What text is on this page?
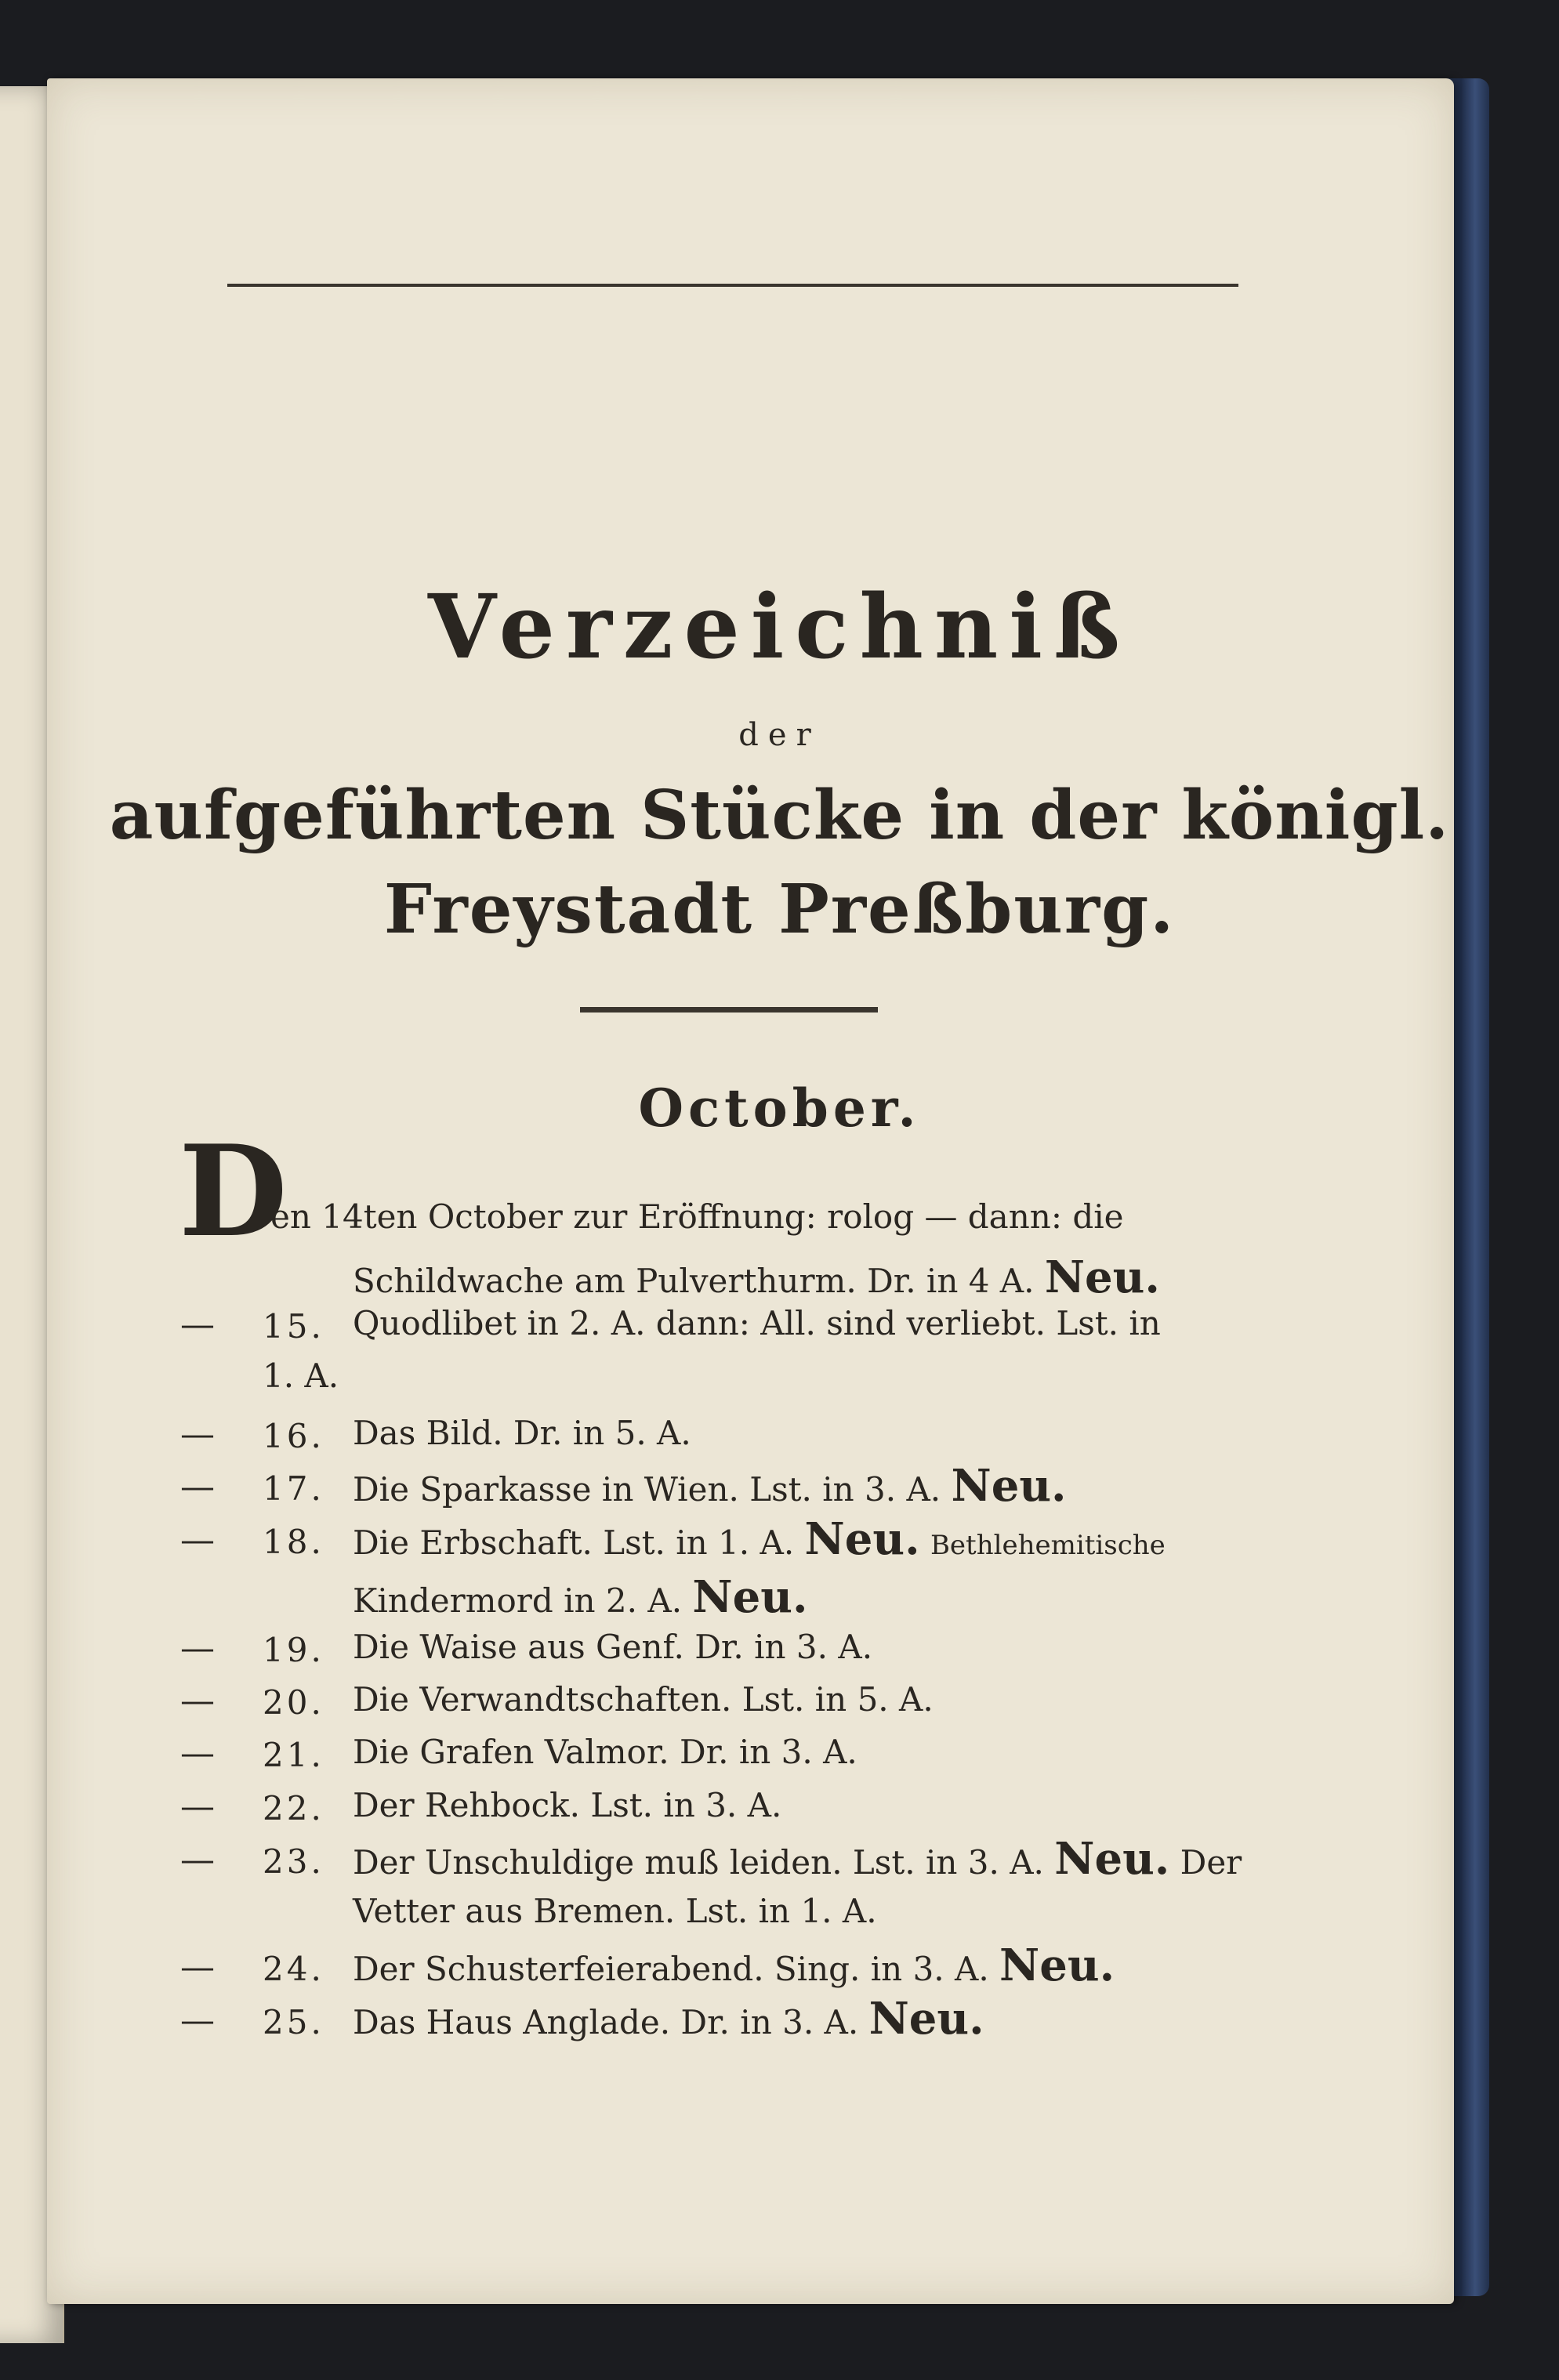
Verzeichniß
der
aufgeführten Stücke in der königl.
Freystadt Preßburg.
October.
D
en 14ten October zur Eröffnung: rolog — dann: die
Schildwache am Pulverthurm. Dr. in 4 A. Neu.
— 15. Quodlibet in 2. A. dann: All. sind verliebt. Lst. in
1. A.
— 16. Das Bild. Dr. in 5. A.
— 17. Die Sparkasse in Wien. Lst. in 3. A. Neu.
— 18. Die Erbschaft. Lst. in 1. A. Neu. Bethlehemitische
Kindermord in 2. A. Neu.
— 19. Die Waise aus Genf. Dr. in 3. A.
— 20. Die Verwandtschaften. Lst. in 5. A.
— 21. Die Grafen Valmor. Dr. in 3. A.
— 22. Der Rehbock. Lst. in 3. A.
— 23. Der Unschuldige muß leiden. Lst. in 3. A. Neu. Der
Vetter aus Bremen. Lst. in 1. A.
— 24. Der Schusterfeierabend. Sing. in 3. A. Neu.
— 25. Das Haus Anglade. Dr. in 3. A. Neu.
